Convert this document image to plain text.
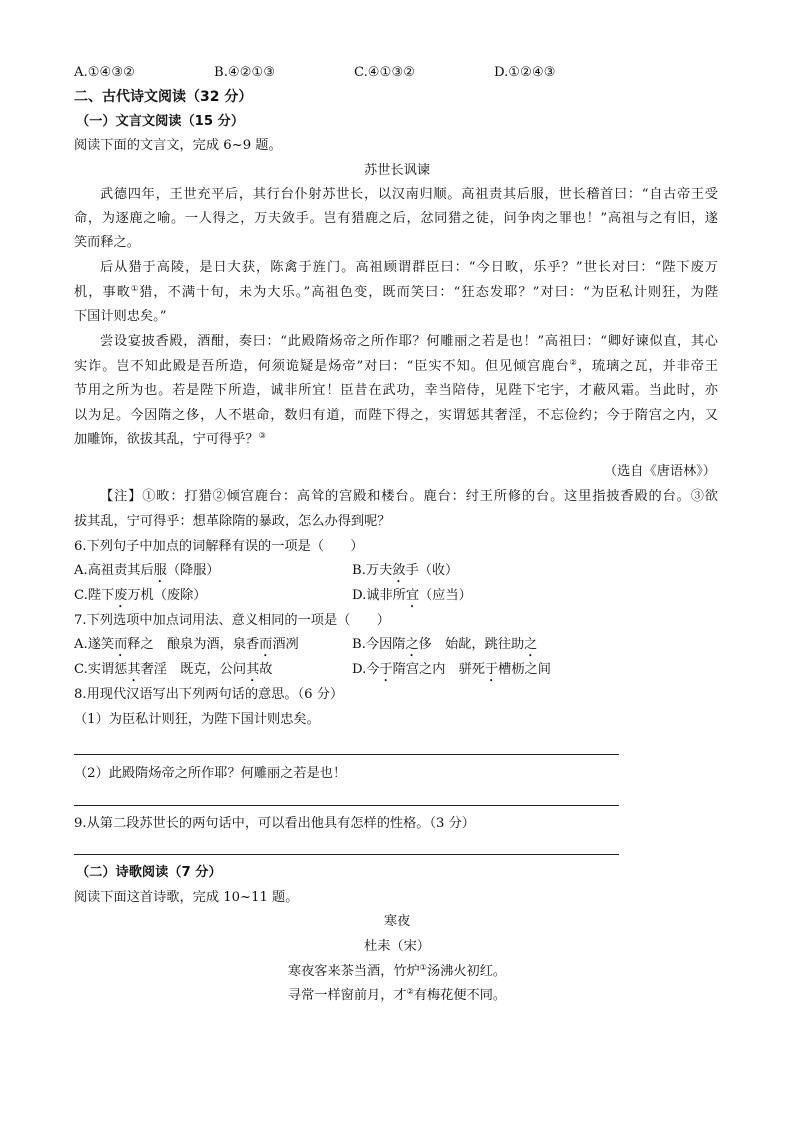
A.①④③②	B.④②①③	C.④①③②	D.①②④③
二、古代诗文阅读（32 分）
（一）文言文阅读（15 分）
阅读下面的文言文，完成 6~9 题。
苏世长讽谏
武德四年，王世充平后，其行台仆射苏世长，以汉南归顺。高祖责其后服，世长稽首曰：“自古帝王受
命，为逐鹿之喻。一人得之，万夫敛手。岂有猎鹿之后，忿同猎之徒，问争肉之罪也！”高祖与之有旧，遂
笑而释之。
后从猎于高陵，是日大获，陈禽于旌门。高祖顾谓群臣曰：“今日畋，乐乎？”世长对曰：“陛下废万
机，事畋①猎，不满十旬，未为大乐。”高祖色变，既而笑曰：“狂态发耶？”对曰：“为臣私计则狂，为陛
下国计则忠矣。”
尝设宴披香殿，酒酣，奏曰：“此殿隋炀帝之所作耶？何雕丽之若是也！”高祖曰：“卿好谏似直，其心
实诈。岂不知此殿是吾所造，何须诡疑是炀帝”对曰：“臣实不知。但见倾宫鹿台②，琉璃之瓦，并非帝王
节用之所为也。若是陛下所造，诚非所宜！臣昔在武功，幸当陪侍，见陛下宅宇，才蔽风霜。当此时，亦
以为足。今因隋之侈，人不堪命，数归有道，而陛下得之，实谓惩其奢淫，不忘俭约；今于隋宫之内，又
加雕饰，欲拔其乱，宁可得乎？③
（选自《唐语林》）
【注】①畋：打猎②倾宫鹿台：高耸的宫殿和楼台。鹿台：纣王所修的台。这里指披香殿的台。③欲
拔其乱，宁可得乎：想革除隋的暴政，怎么办得到呢？
6.下列句子中加点的词解释有误的一项是（　　）
A.高祖责其后服（降服）	B.万夫敛手（收）
C.陛下废万机（废除）	D.诚非所宜（应当）
7.下列选项中加点词用法、意义相同的一项是（　　）
A.遂笑而释之　酿泉为酒，泉香而酒冽	B.今因隋之侈　始龀，跳往助之
C.实谓惩其奢淫　既克，公问其故	D.今于隋宫之内　骈死于槽枥之间
8.用现代汉语写出下列两句话的意思。（6 分）
（1）为臣私计则狂，为陛下国计则忠矣。
（2）此殿隋炀帝之所作耶？何雕丽之若是也！
9.从第二段苏世长的两句话中，可以看出他具有怎样的性格。（3 分）
（二）诗歌阅读（7 分）
阅读下面这首诗歌，完成 10~11 题。
寒夜
杜耒（宋）
寒夜客来茶当酒，竹炉①汤沸火初红。
寻常一样窗前月，才②有梅花便不同。
